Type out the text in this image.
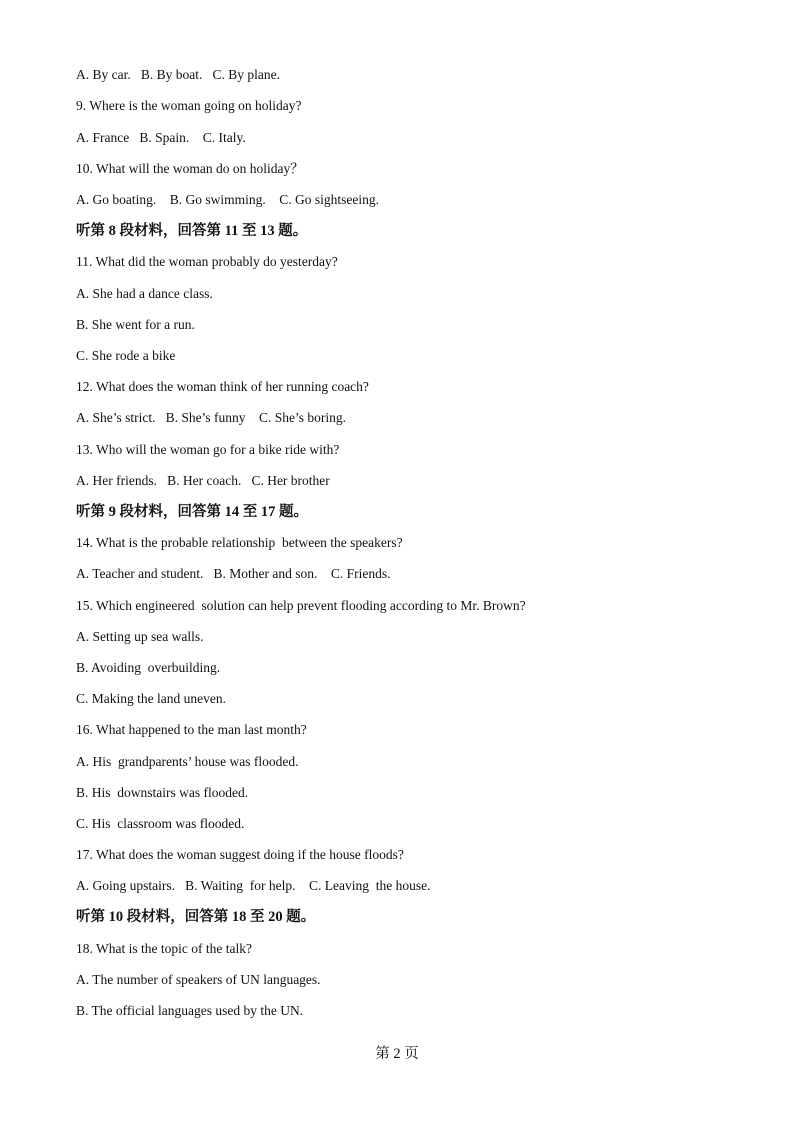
A. By car.   B. By boat.   C. By plane.
9. Where is the woman going on holiday?
A. France   B. Spain.    C. Italy.
10. What will the woman do on holiday？
A. Go boating.    B. Go swimming.    C. Go sightseeing.
听第 8 段材料，回答第 11 至 13 题。
11. What did the woman probably do yesterday?
A. She had a dance class.
B. She went for a run.
C. She rode a bike
12. What does the woman think of her running coach?
A. She’s strict.   B. She’s funny    C. She’s boring.
13. Who will the woman go for a bike ride with?
A. Her friends.   B. Her coach.   C. Her brother
听第 9 段材料，回答第 14 至 17 题。
14. What is the probable relationship  between the speakers?
A. Teacher and student.   B. Mother and son.    C. Friends.
15. Which engineered  solution can help prevent flooding according to Mr. Brown?
A. Setting up sea walls.
B. Avoiding  overbuilding.
C. Making the land uneven.
16. What happened to the man last month?
A. His  grandparents’ house was flooded.
B. His  downstairs was flooded.
C. His  classroom was flooded.
17. What does the woman suggest doing if the house floods?
A. Going upstairs.   B. Waiting  for help.    C. Leaving  the house.
听第 10 段材料，回答第 18 至 20 题。
18. What is the topic of the talk?
A. The number of speakers of UN languages.
B. The official languages used by the UN.
第 2 页
